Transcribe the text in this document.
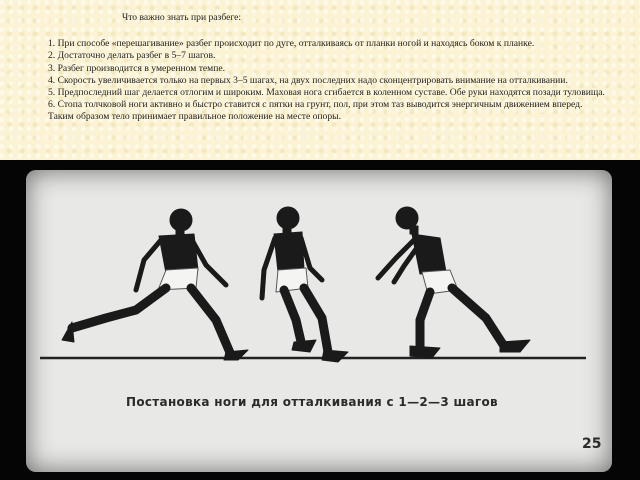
Что важно знать при разбеге:

1. При способе «перешагивание» разбег происходит по дуге, отталкиваясь от планки ногой и находясь боком к планке.

2. Достаточно делать разбег в 5–7 шагов.

3. Разбег производится в умеренном темпе.

4. Скорость увеличивается только на первых 3–5 шагах, на двух последних надо сконцентрировать внимание на отталкивании.

5. Предпоследний шаг делается отлогим и широким. Маховая нога сгибается в коленном суставе. Обе руки находятся позади туловища.

6. Стопа толчковой ноги активно и быстро ставится с пятки на грунт, пол, при этом таз выводится энергичным движением вперед. Таким образом тело принимает правильное положение на месте опоры.

Постановка ноги для отталкивания с 1—2—3 шагов
25
